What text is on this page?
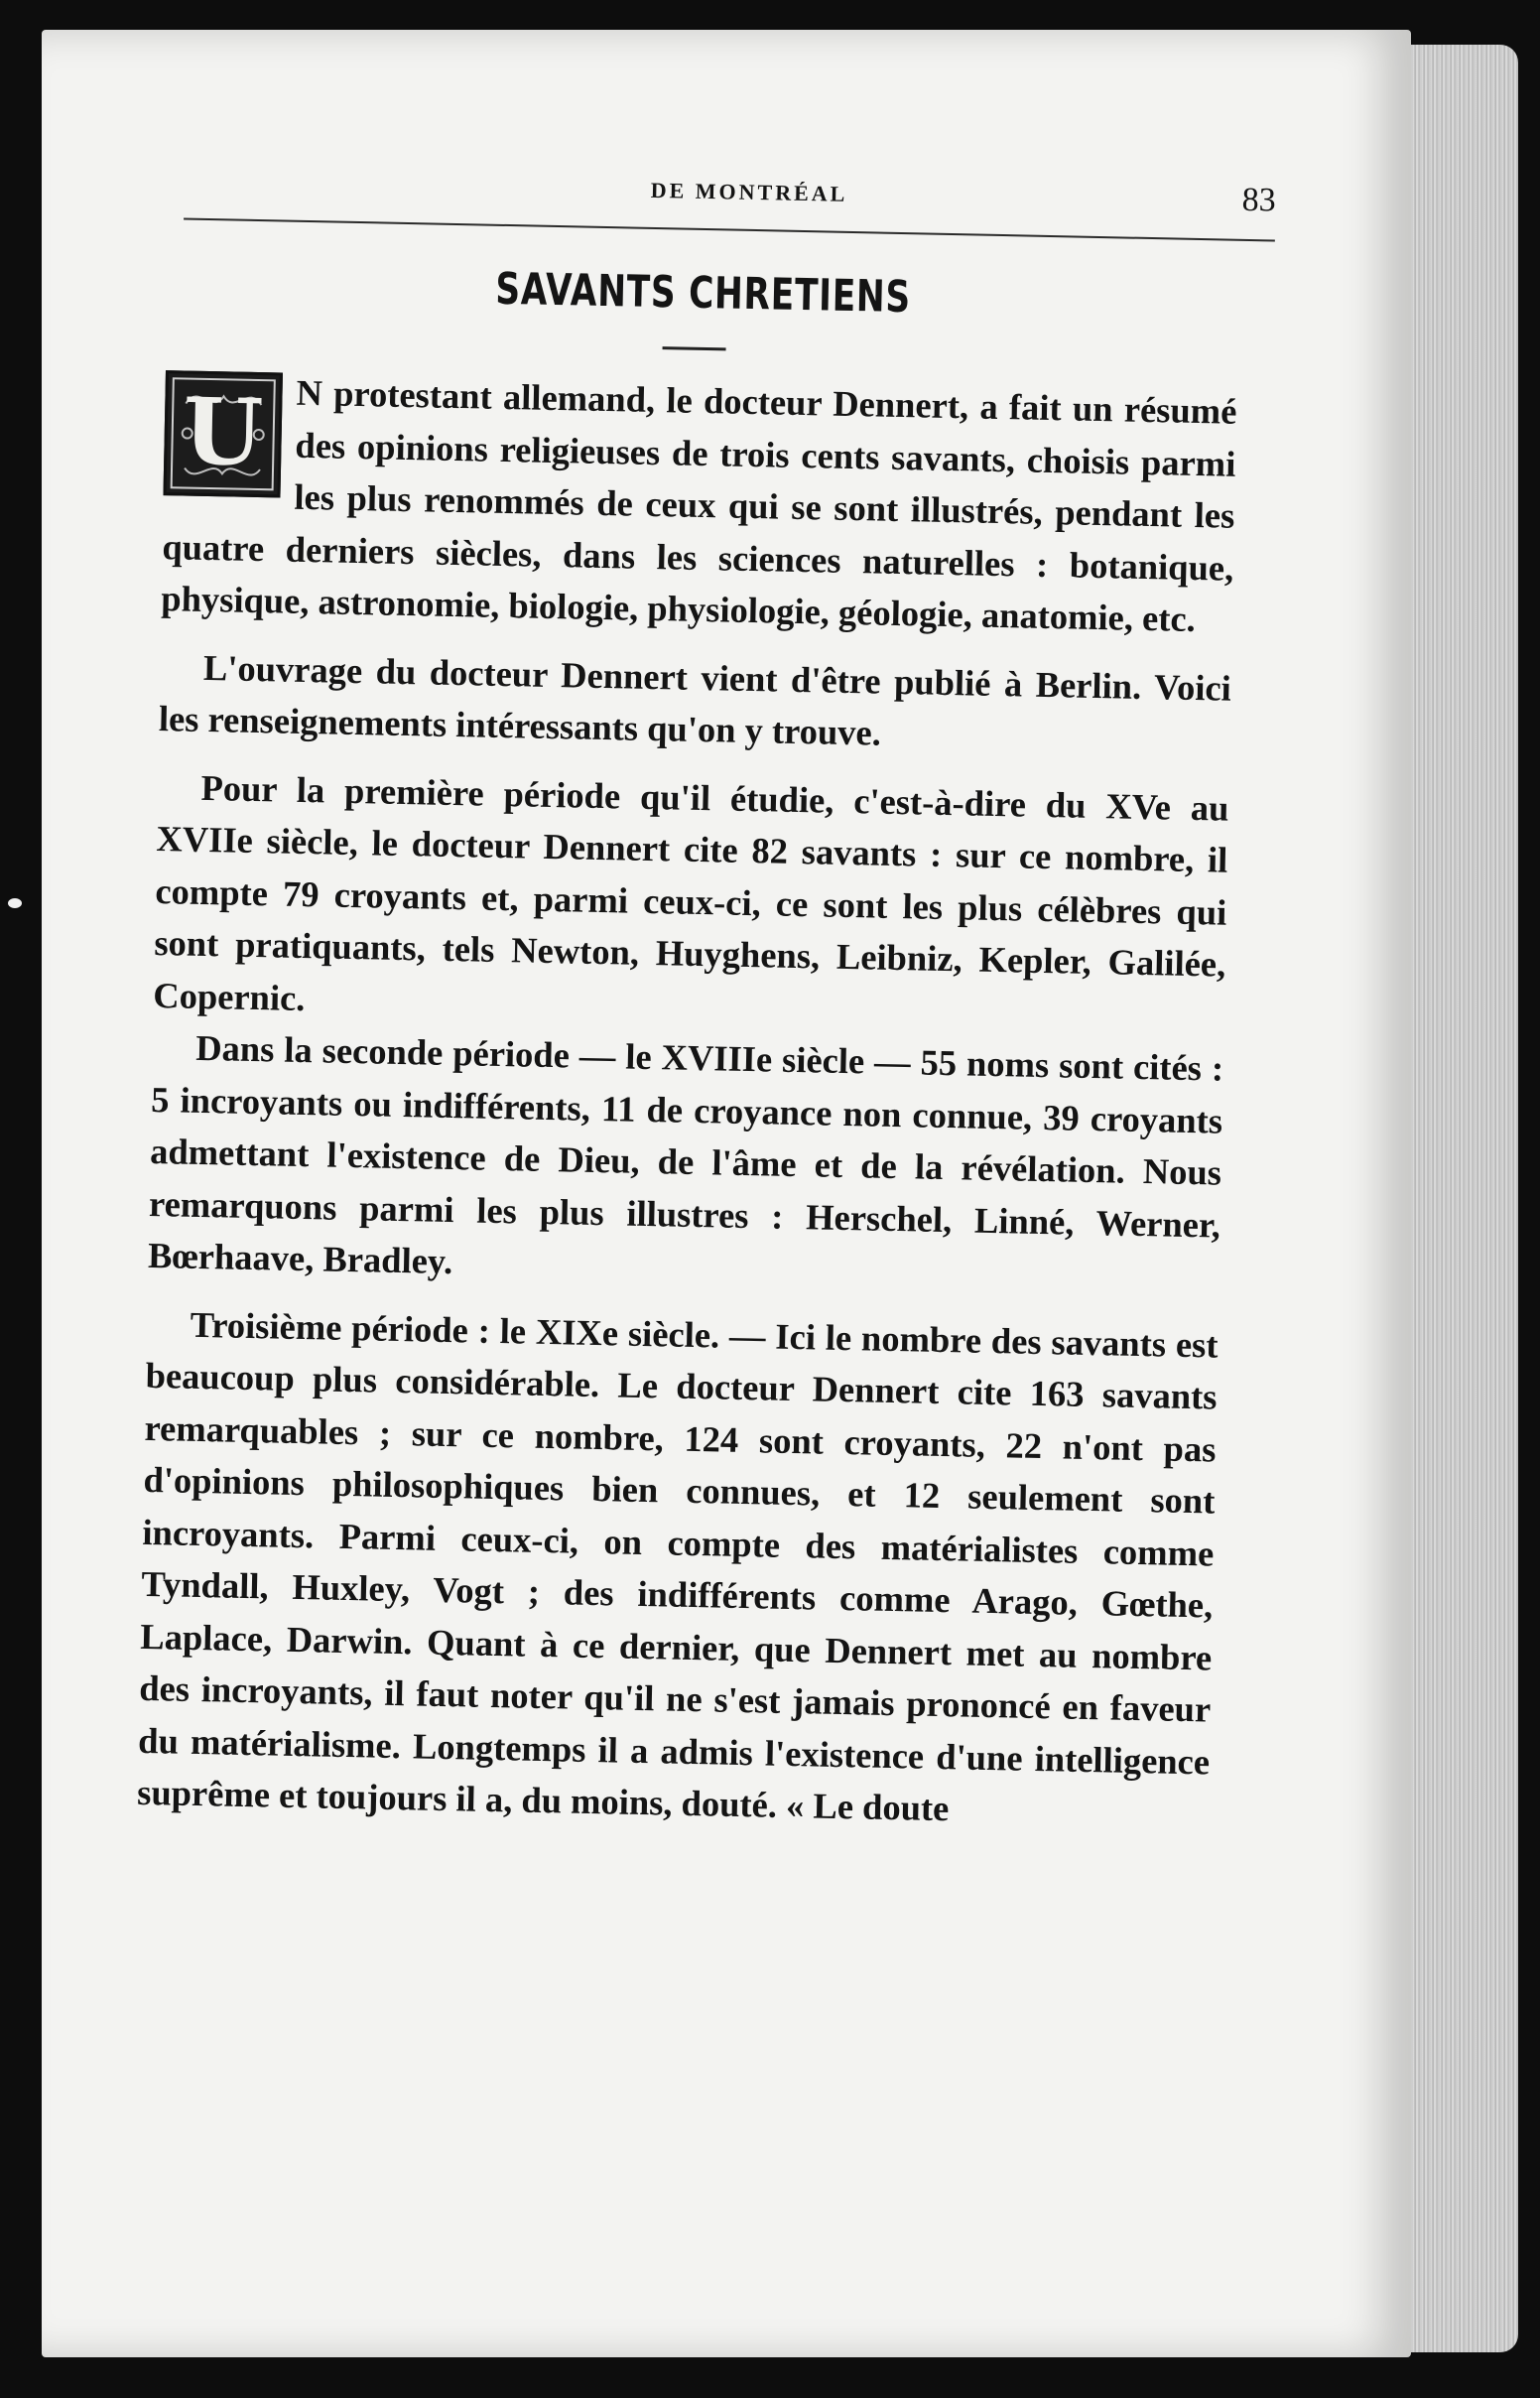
DE MONTRÉAL	83
SAVANTS CHRETIENS

U N protestant allemand, le docteur Dennert, a fait un résumé des opinions religieuses de trois cents savants, choisis parmi les plus renommés de ceux qui se sont illustrés, pendant les quatre derniers siècles, dans les sciences naturelles : botanique, physique, astronomie, biologie, physiologie, géologie, anatomie, etc.

L'ouvrage du docteur Dennert vient d'être publié à Berlin. Voici les renseignements intéressants qu'on y trouve.

Pour la première période qu'il étudie, c'est-à-dire du XVe au XVIIe siècle, le docteur Dennert cite 82 savants : sur ce nombre, il compte 79 croyants et, parmi ceux-ci, ce sont les plus célèbres qui sont pratiquants, tels Newton, Huyghens, Leibniz, Kepler, Galilée, Copernic.

Dans la seconde période — le XVIIIe siècle — 55 noms sont cités : 5 incroyants ou indifférents, 11 de croyance non connue, 39 croyants admettant l'existence de Dieu, de l'âme et de la révélation. Nous remarquons parmi les plus illustres : Herschel, Linné, Werner, Bœrhaave, Bradley.

Troisième période : le XIXe siècle. — Ici le nombre des savants est beaucoup plus considérable. Le docteur Dennert cite 163 savants remarquables ; sur ce nombre, 124 sont croyants, 22 n'ont pas d'opinions philosophiques bien connues, et 12 seulement sont incroyants. Parmi ceux-ci, on compte des matérialistes comme Tyndall, Huxley, Vogt ; des indifférents comme Arago, Gœthe, Laplace, Darwin. Quant à ce dernier, que Dennert met au nombre des incroyants, il faut noter qu'il ne s'est jamais prononcé en faveur du matérialisme. Longtemps il a admis l'existence d'une intelligence suprême et toujours il a, du moins, douté. « Le doute
